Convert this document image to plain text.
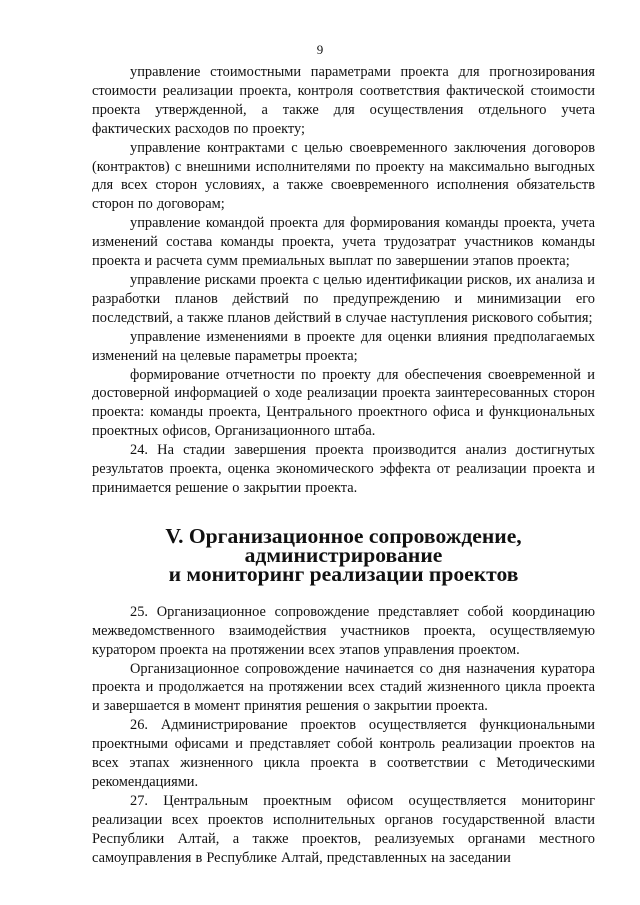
9

управление стоимостными параметрами проекта для прогнозирования стоимости реализации проекта, контроля соответствия фактической стоимости проекта утвержденной, а также для осуществления отдельного учета фактических расходов по проекту;

управление контрактами с целью своевременного заключения договоров (контрактов) с внешними исполнителями по проекту на максимально выгодных для всех сторон условиях, а также своевременного исполнения обязательств сторон по договорам;

управление командой проекта для формирования команды проекта, учета изменений состава команды проекта, учета трудозатрат участников команды проекта и расчета сумм премиальных выплат по завершении этапов проекта;

управление рисками проекта с целью идентификации рисков, их анализа и разработки планов действий по предупреждению и минимизации его последствий, а также планов действий в случае наступления рискового события;

управление изменениями в проекте для оценки влияния предполагаемых изменений на целевые параметры проекта;

формирование отчетности по проекту для обеспечения своевременной и достоверной информацией о ходе реализации проекта заинтересованных сторон проекта: команды проекта, Центрального проектного офиса и функциональных проектных офисов, Организационного штаба.

24. На стадии завершения проекта производится анализ достигнутых результатов проекта, оценка экономического эффекта от реализации проекта и принимается решение о закрытии проекта.

V. Организационное сопровождение, администрирование
и мониторинг реализации проектов

25. Организационное сопровождение представляет собой координацию межведомственного взаимодействия участников проекта, осуществляемую куратором проекта на протяжении всех этапов управления проектом.

Организационное сопровождение начинается со дня назначения куратора проекта и продолжается на протяжении всех стадий жизненного цикла проекта и завершается в момент принятия решения о закрытии проекта.

26. Администрирование проектов осуществляется функциональными проектными офисами и представляет собой контроль реализации проектов на всех этапах жизненного цикла проекта в соответствии с Методическими рекомендациями.

27. Центральным проектным офисом осуществляется мониторинг реализации всех проектов исполнительных органов государственной власти Республики Алтай, а также проектов, реализуемых органами местного самоуправления в Республике Алтай, представленных на заседании
